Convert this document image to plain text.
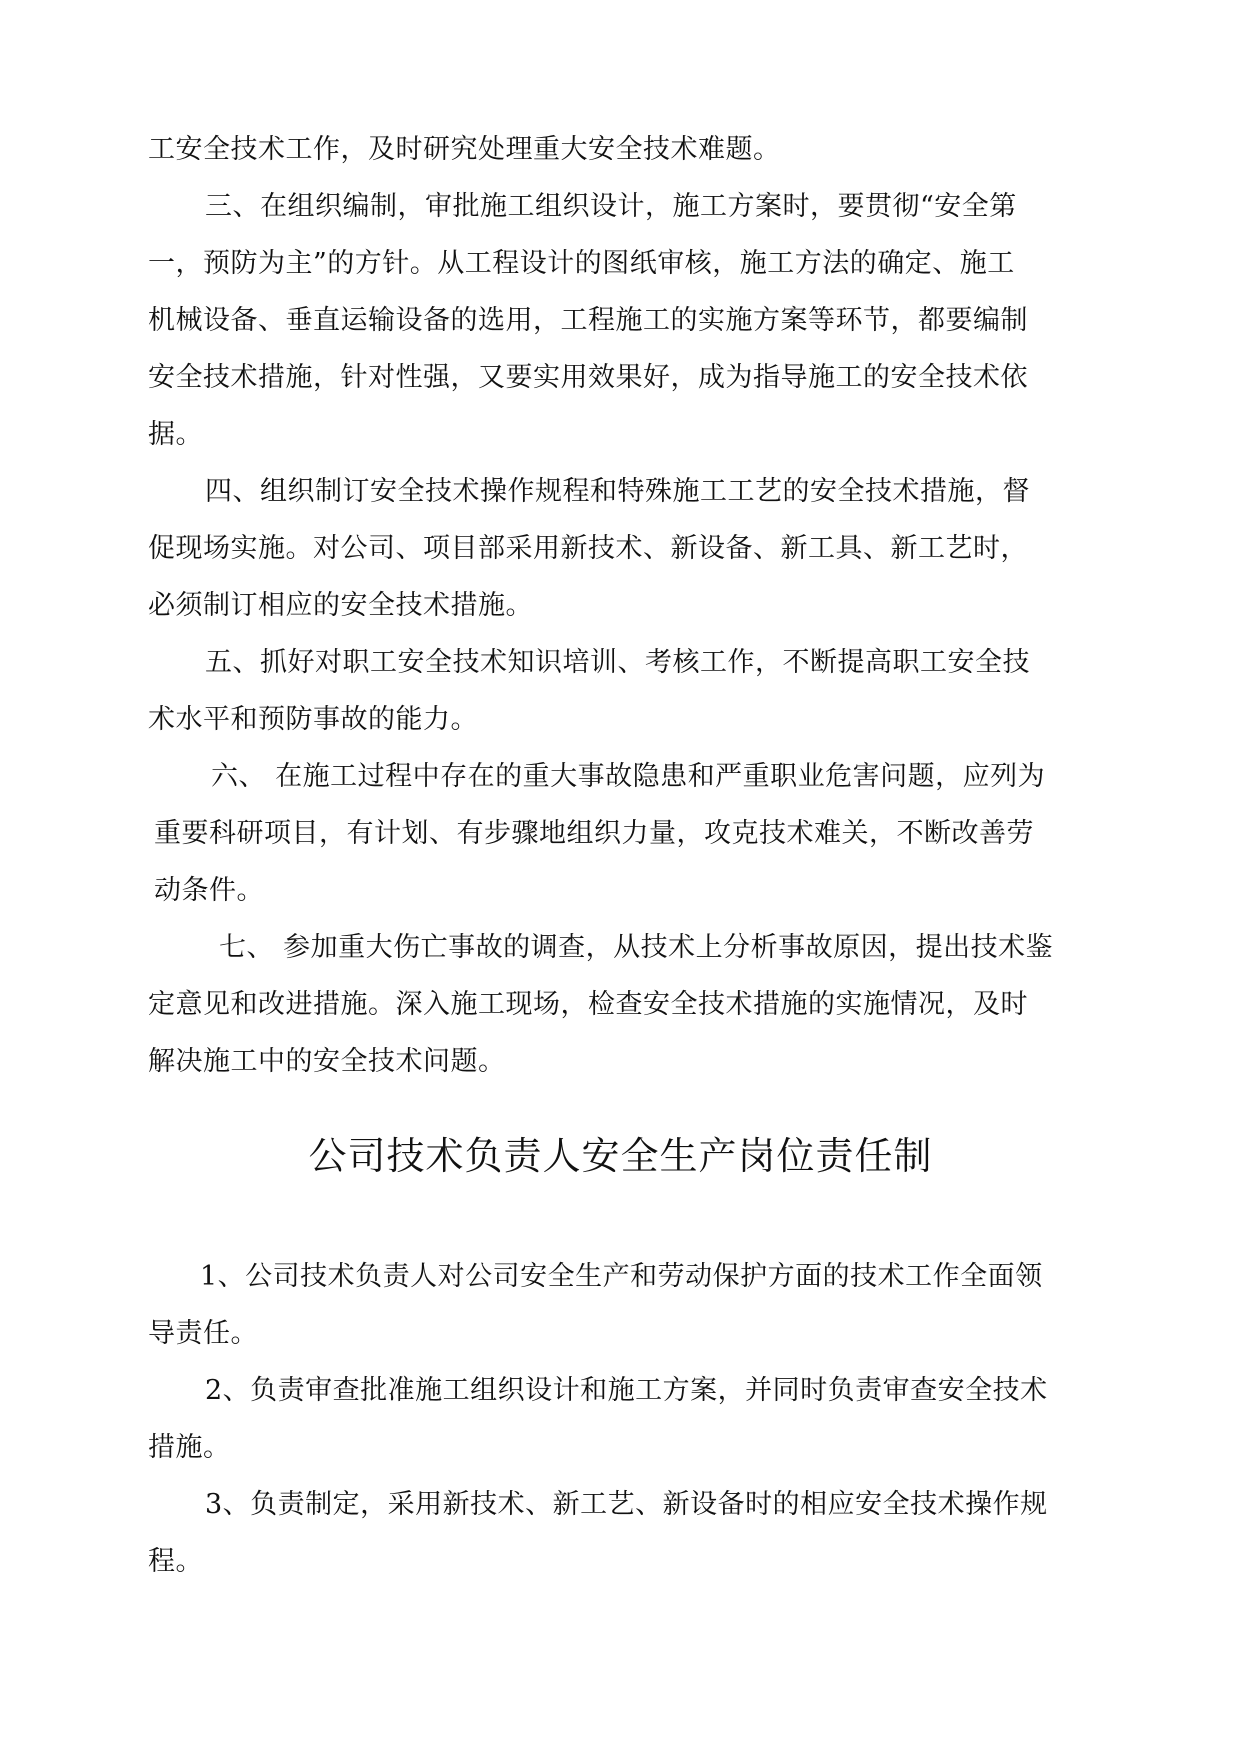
工安全技术工作，及时研究处理重大安全技术难题。

三、在组织编制，审批施工组织设计，施工方案时，要贯彻“安全第

一，预防为主”的方针。从工程设计的图纸审核，施工方法的确定、施工

机械设备、垂直运输设备的选用，工程施工的实施方案等环节，都要编制

安全技术措施，针对性强，又要实用效果好，成为指导施工的安全技术依

据。

四、组织制订安全技术操作规程和特殊施工工艺的安全技术措施，督

促现场实施。对公司、项目部采用新技术、新设备、新工具、新工艺时，

必须制订相应的安全技术措施。

五、抓好对职工安全技术知识培训、考核工作，不断提高职工安全技

术水平和预防事故的能力。

六、 在施工过程中存在的重大事故隐患和严重职业危害问题，应列为

重要科研项目，有计划、有步骤地组织力量，攻克技术难关，不断改善劳

动条件。

七、 参加重大伤亡事故的调查，从技术上分析事故原因，提出技术鉴

定意见和改进措施。深入施工现场，检查安全技术措施的实施情况，及时

解决施工中的安全技术问题。

公司技术负责人安全生产岗位责任制

1、公司技术负责人对公司安全生产和劳动保护方面的技术工作全面领

导责任。

2、负责审查批准施工组织设计和施工方案，并同时负责审查安全技术

措施。

3、负责制定，采用新技术、新工艺、新设备时的相应安全技术操作规

程。
